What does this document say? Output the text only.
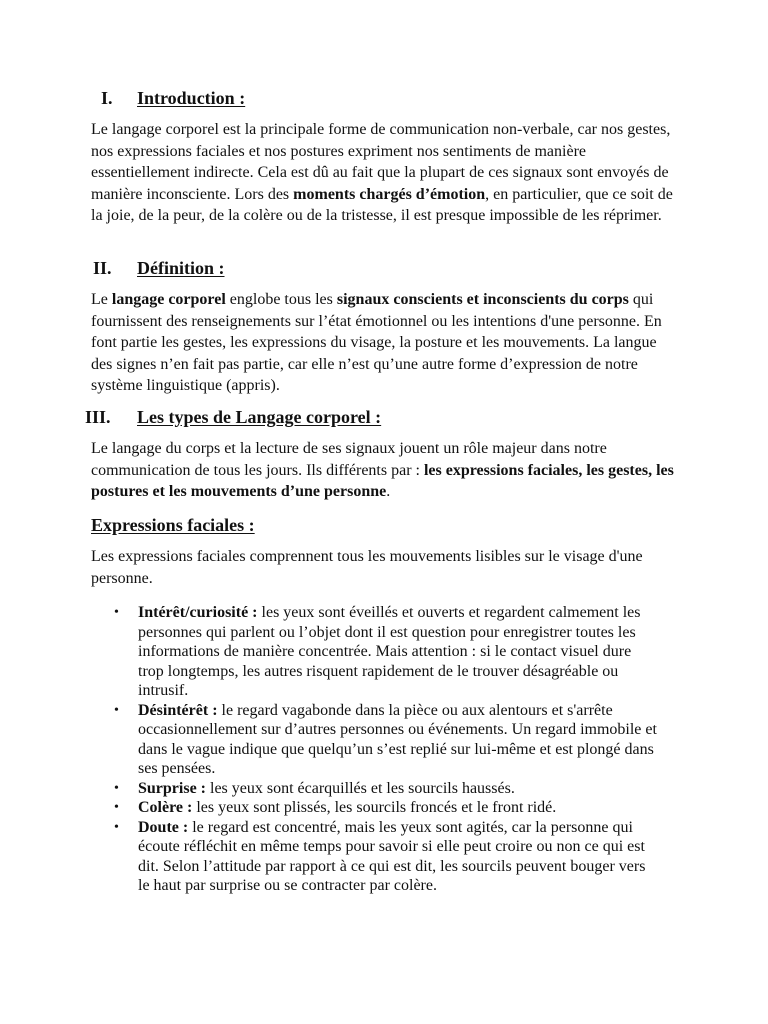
I. Introduction :
Le langage corporel est la principale forme de communication non-verbale, car nos gestes, nos expressions faciales et nos postures expriment nos sentiments de manière essentiellement indirecte. Cela est dû au fait que la plupart de ces signaux sont envoyés de manière inconsciente. Lors des moments chargés d’émotion, en particulier, que ce soit de la joie, de la peur, de la colère ou de la tristesse, il est presque impossible de les réprimer.
II. Définition :
Le langage corporel englobe tous les signaux conscients et inconscients du corps qui fournissent des renseignements sur l’état émotionnel ou les intentions d'une personne. En font partie les gestes, les expressions du visage, la posture et les mouvements. La langue des signes n’en fait pas partie, car elle n’est qu’une autre forme d’expression de notre système linguistique (appris).
III. Les types de Langage corporel :
Le langage du corps et la lecture de ses signaux jouent un rôle majeur dans notre communication de tous les jours. Ils différents par : les expressions faciales, les gestes, les postures et les mouvements d’une personne.
Expressions faciales :
Les expressions faciales comprennent tous les mouvements lisibles sur le visage d'une personne.
• Intérêt/curiosité : les yeux sont éveillés et ouverts et regardent calmement les personnes qui parlent ou l’objet dont il est question pour enregistrer toutes les informations de manière concentrée. Mais attention : si le contact visuel dure trop longtemps, les autres risquent rapidement de le trouver désagréable ou intrusif.
• Désintérêt : le regard vagabonde dans la pièce ou aux alentours et s'arrête occasionnellement sur d’autres personnes ou événements. Un regard immobile et dans le vague indique que quelqu’un s’est replié sur lui-même et est plongé dans ses pensées.
• Surprise : les yeux sont écarquillés et les sourcils haussés.
• Colère : les yeux sont plissés, les sourcils froncés et le front ridé.
• Doute : le regard est concentré, mais les yeux sont agités, car la personne qui écoute réfléchit en même temps pour savoir si elle peut croire ou non ce qui est dit. Selon l’attitude par rapport à ce qui est dit, les sourcils peuvent bouger vers le haut par surprise ou se contracter par colère.
